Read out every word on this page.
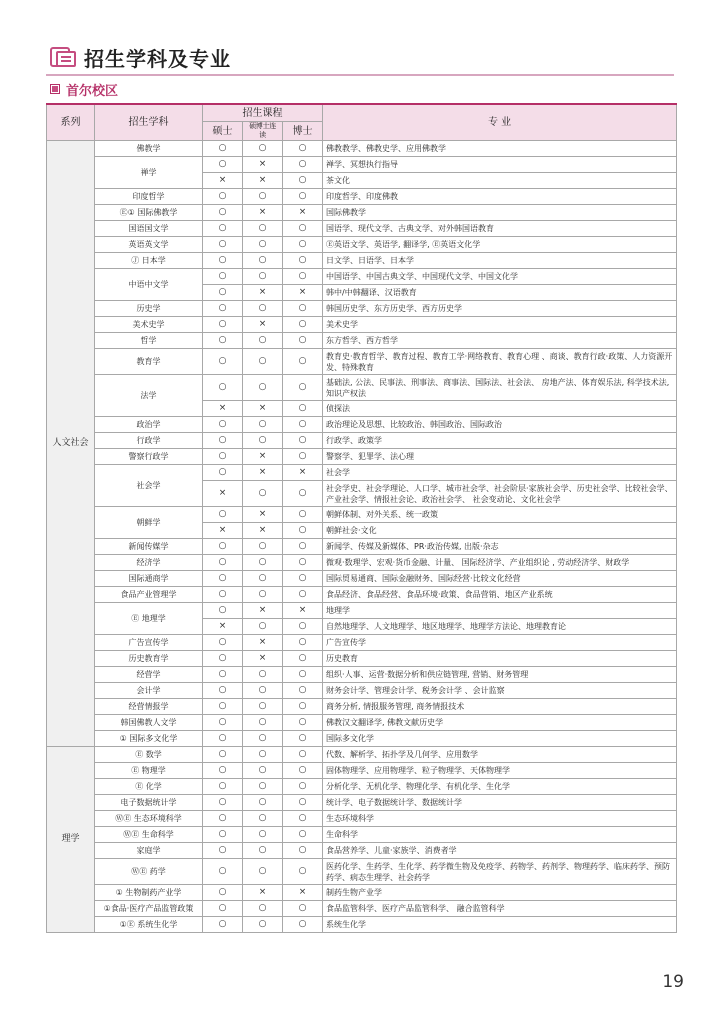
招生学科及专业
首尔校区
系列	招生学科	招生课程			专 业
		硕士	硕博士连读	博士	
人文社会	佛教学	○	○	○	佛教教学、佛教史学、应用佛教学
	禅学	○	×	○	禅学、冥想执行指导
		×	×	○	茶文化
	印度哲学	○	○	○	印度哲学、印度佛教
	Ⓔ① 国际佛教学	○	×	×	国际佛教学
	国语国文学	○	○	○	国语学、现代文学、古典文学、对外韩国语教育
	英语英文学	○	○	○	Ⓔ英语文学、英语学, 翻译学, Ⓔ英语文化学
	Ⓙ 日本学	○	○	○	日文学、日语学、日本学
	中语中文学	○	○	○	中国语学、中国古典文学、中国现代文学、中国文化学
		○	×	×	韩中/中韩翻译、汉语教育
	历史学	○	○	○	韩国历史学、东方历史学、西方历史学
	美术史学	○	×	○	美术史学
	哲学	○	○	○	东方哲学、西方哲学
	教育学	○	○	○	教育史·教育哲学、教育过程、教育工学·网络教育、教育心理 、商谈、教育行政·政策、人力资源开发、特殊教育
	法学	○	○	○	基础法, 公法、民事法、刑事法、商事法、国际法、社会法、 房地产法、体育娱乐法, 科学技术法, 知识产权法
		×	×	○	侦探法
	政治学	○	○	○	政治理论及思想、比较政治、韩国政治、国际政治
	行政学	○	○	○	行政学、政策学
	警察行政学	○	×	○	警察学、犯罪学、法心理
	社会学	○	×	×	社会学
		×	○	○	社会学史、社会学理论、人口学、城市社会学、社会阶层·家族社会学、历史社会学、比较社会学、产业社会学、情报社会论、政治社会学、 社会变动论、文化社会学
	朝鲜学	○	×	○	朝鲜体制、对外关系、统一政策
		×	×	○	朝鲜社会·文化
	新闻传媒学	○	○	○	新闻学、传媒及新媒体、PR·政治传媒, 出版·杂志
	经济学	○	○	○	微观·数理学、宏观·货币金融、计量、 国际经济学、产业组织论 , 劳动经济学、财政学
	国际通商学	○	○	○	国际贸易通商、国际金融财务、国际经营·比较文化经营
	食品产业管理学	○	○	○	食品经济、食品经营、食品环境·政策、食品营销、地区产业系统
	Ⓔ 地理学	○	×	×	地理学
		×	○	○	自然地理学、人文地理学、地区地理学、地理学方法论、地理教育论
	广告宣传学	○	×	○	广告宣传学
	历史教育学	○	×	○	历史教育
	经营学	○	○	○	组织·人事、运营·数据分析和供应链管理, 营销、财务管理
	会计学	○	○	○	财务会计学、管理会计学、税务会计学 、会计监察
	经营情报学	○	○	○	商务分析, 情报服务管理, 商务情报技术
	韩国佛教人文学	○	○	○	佛教汉文翻译学, 佛教文献历史学
	① 国际多文化学	○	○	○	国际多文化学
理学	Ⓔ 数学	○	○	○	代数、解析学、拓扑学及几何学、应用数学
	Ⓔ 物理学	○	○	○	固体物理学、应用物理学、粒子物理学、天体物理学
	Ⓔ 化学	○	○	○	分析化学、无机化学、物理化学、有机化学、生化学
	电子数据统计学	○	○	○	统计学、电子数据统计学、数据统计学
	ⓌⒺ 生态环境科学	○	○	○	生态环境科学
	ⓌⒺ 生命科学	○	○	○	生命科学
	家庭学	○	○	○	食品营养学、儿童·家族学、消费者学
	ⓌⒺ 药学	○	○	○	医药化学、生药学、生化学、药学微生物及免疫学、药物学、药剂学、物理药学、临床药学、预防药学、病态生理学、社会药学
	① 生物制药产业学	○	×	×	制药生物产业学
	①食品·医疗产品监管政策	○	○	○	食品监管科学、医疗产品监管科学、 融合监管科学
	①Ⓔ 系统生化学	○	○	○	系统生化学
19
